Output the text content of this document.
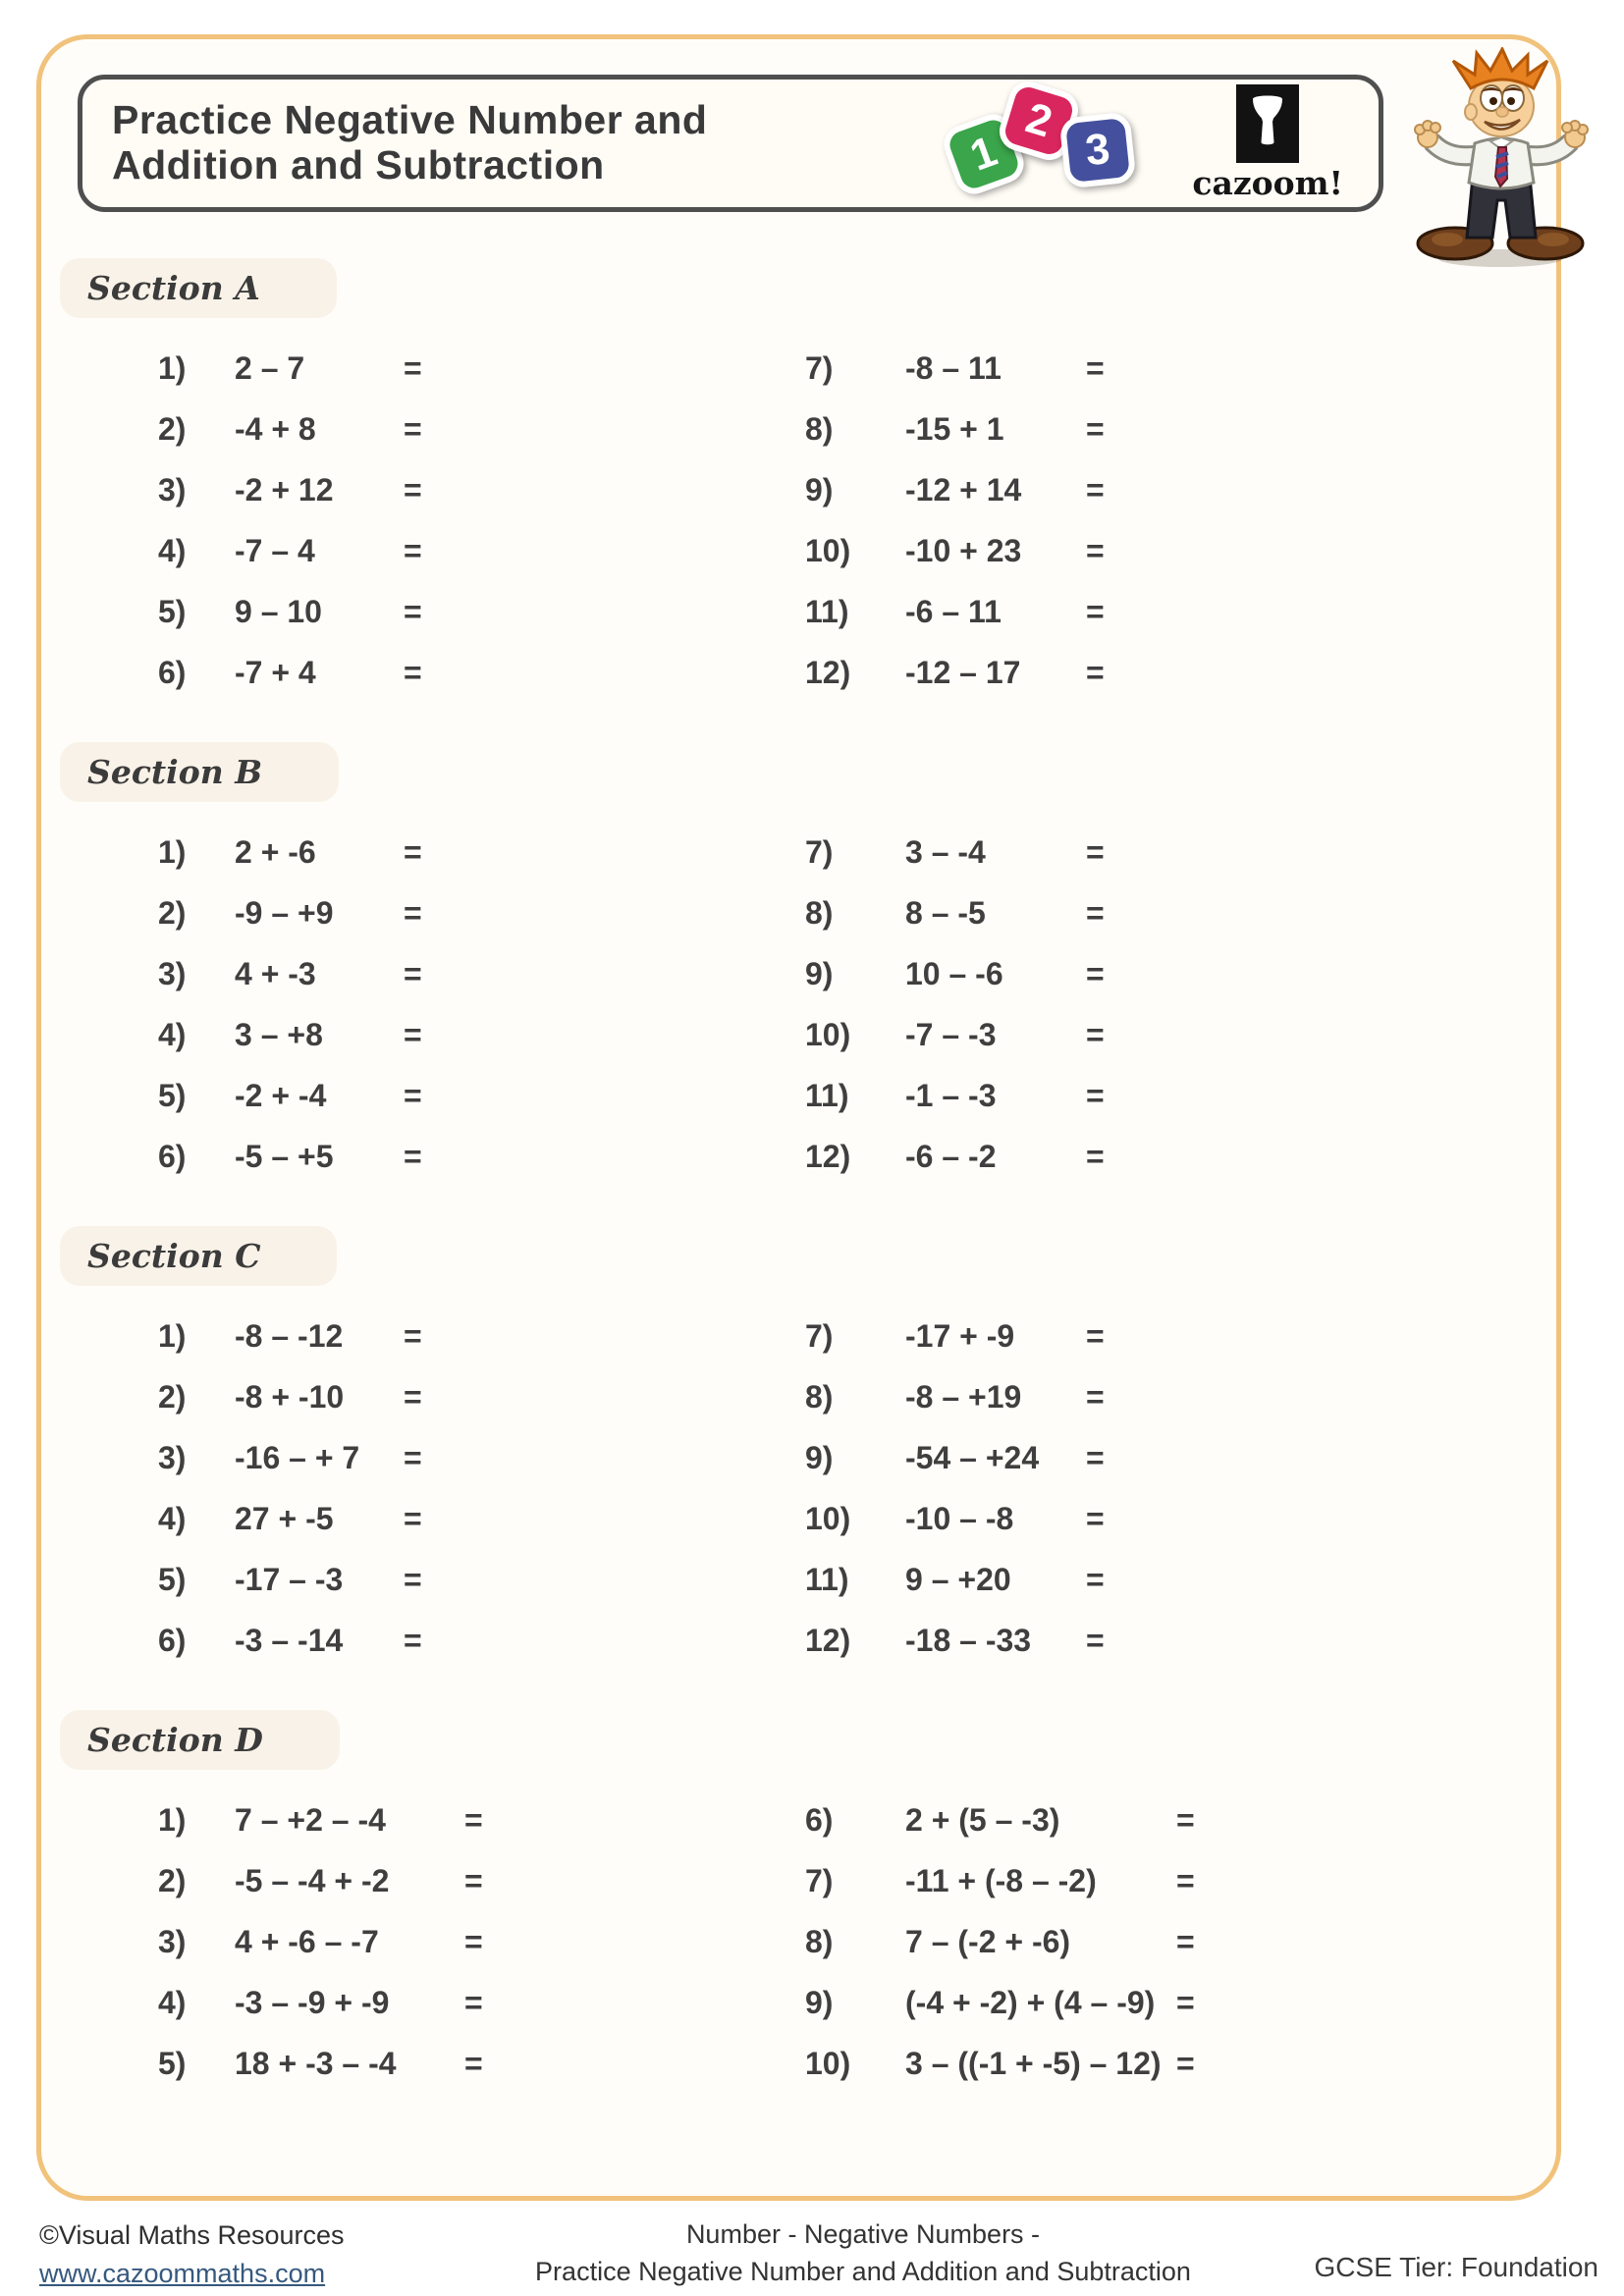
Practice Negative Number and
Addition and Subtraction	1
2
3
cazoom!
Section A
1)	2 – 7	=
2)	-4 + 8	=
3)	-2 + 12	=
4)	-7 – 4	=
5)	9 – 10	=
6)	-7 + 4	=
7)	-8 – 11	=
8)	-15 + 1	=
9)	-12 + 14	=
10)	-10 + 23	=
11)	-6 – 11	=
12)	-12 – 17	=
Section B
1)	2 + -6	=
2)	-9 – +9	=
3)	4 + -3	=
4)	3 – +8	=
5)	-2 + -4	=
6)	-5 – +5	=
7)	3 – -4	=
8)	8 – -5	=
9)	10 – -6	=
10)	-7 – -3	=
11)	-1 – -3	=
12)	-6 – -2	=
Section C
1)	-8 – -12	=
2)	-8 + -10	=
3)	-16 – + 7	=
4)	27 + -5	=
5)	-17 – -3	=
6)	-3 – -14	=
7)	-17 + -9	=
8)	-8 – +19	=
9)	-54 – +24	=
10)	-10 – -8	=
11)	9 – +20	=
12)	-18 – -33	=
Section D
1)	7 – +2 – -4	=
2)	-5 – -4 + -2	=
3)	4 + -6 – -7	=
4)	-3 – -9 + -9	=
5)	18 + -3 – -4	=
6)	2 + (5 – -3)	=
7)	-11 + (-8 – -2)	=
8)	7 – (-2 + -6)	=
9)	(-4 + -2) + (4 – -9) =
10)	3 – ((-1 + -5) – 12) =
©Visual Maths Resources
www.cazoommaths.com
Number - Negative Numbers -
Practice Negative Number and Addition and Subtraction	GCSE Tier: Foundation
